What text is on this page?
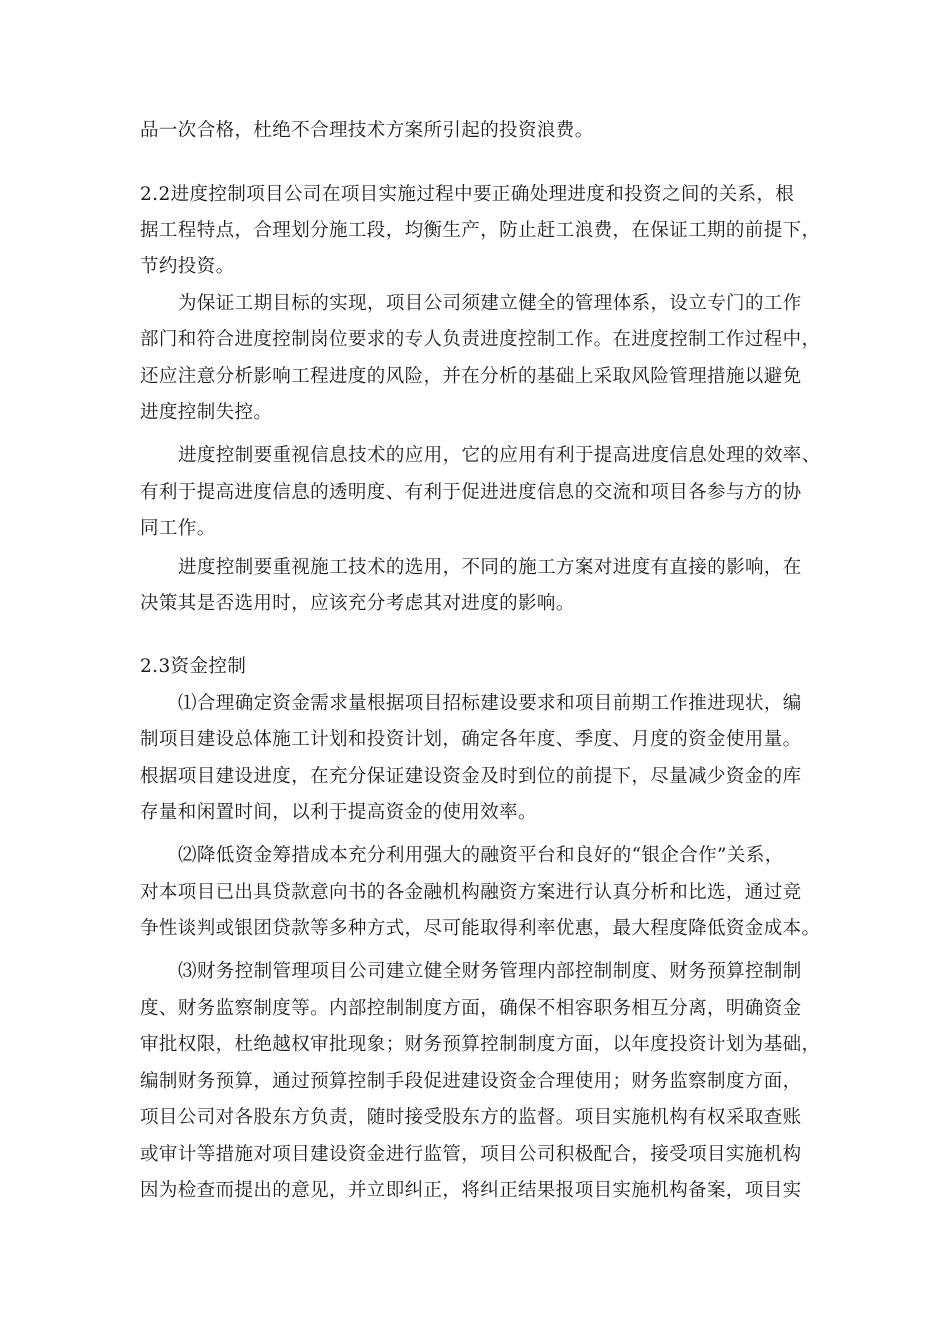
品一次合格，杜绝不合理技术方案所引起的投资浪费。
2.2进度控制项目公司在项目实施过程中要正确处理进度和投资之间的关系，根
据工程特点，合理划分施工段，均衡生产，防止赶工浪费，在保证工期的前提下，
节约投资。
为保证工期目标的实现，项目公司须建立健全的管理体系，设立专门的工作
部门和符合进度控制岗位要求的专人负责进度控制工作。在进度控制工作过程中，
还应注意分析影响工程进度的风险，并在分析的基础上采取风险管理措施以避免
进度控制失控。
进度控制要重视信息技术的应用，它的应用有利于提高进度信息处理的效率、
有利于提高进度信息的透明度、有利于促进进度信息的交流和项目各参与方的协
同工作。
进度控制要重视施工技术的选用，不同的施工方案对进度有直接的影响，在
决策其是否选用时，应该充分考虑其对进度的影响。
2.3资金控制
⑴合理确定资金需求量根据项目招标建设要求和项目前期工作推进现状，编
制项目建设总体施工计划和投资计划，确定各年度、季度、月度的资金使用量。
根据项目建设进度，在充分保证建设资金及时到位的前提下，尽量减少资金的库
存量和闲置时间，以利于提高资金的使用效率。
⑵降低资金筹措成本充分利用强大的融资平台和良好的“银企合作”关系，
对本项目已出具贷款意向书的各金融机构融资方案进行认真分析和比选，通过竞
争性谈判或银团贷款等多种方式，尽可能取得利率优惠，最大程度降低资金成本。
⑶财务控制管理项目公司建立健全财务管理内部控制制度、财务预算控制制
度、财务监察制度等。内部控制制度方面，确保不相容职务相互分离，明确资金
审批权限，杜绝越权审批现象；财务预算控制制度方面，以年度投资计划为基础，
编制财务预算，通过预算控制手段促进建设资金合理使用；财务监察制度方面，
项目公司对各股东方负责，随时接受股东方的监督。项目实施机构有权采取查账
或审计等措施对项目建设资金进行监管，项目公司积极配合，接受项目实施机构
因为检查而提出的意见，并立即纠正，将纠正结果报项目实施机构备案，项目实
